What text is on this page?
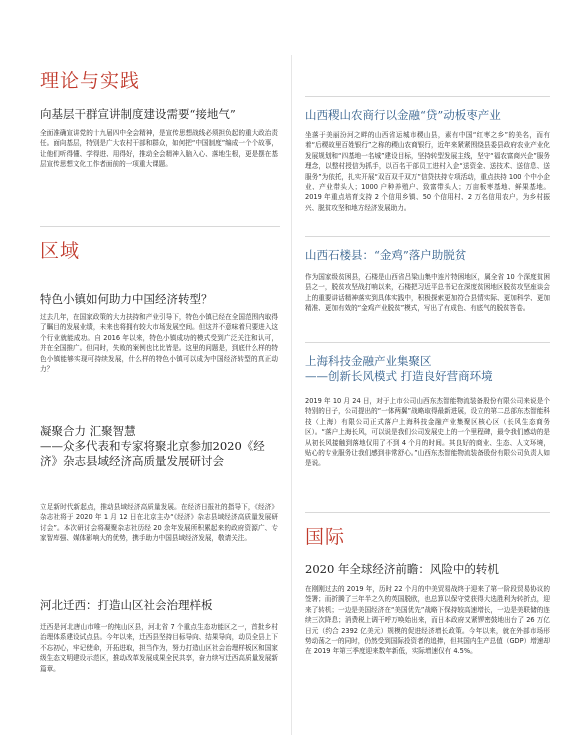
理论与实践
向基层干群宣讲制度建设需要“接地气”
全面准确宣讲党的十九届四中全会精神，是宣传思想战线必须担负起的重大政治责任。面向基层，特别是广大农村干部和群众，如何把“中国制度”编成一个个故事，让他们听得懂、学得进、用得好，推动全会精神入脑入心、落地生根，更是摆在基层宣传思想文化工作者面前的一项重大课题。
区域
特色小镇如何助力中国经济转型？
过去几年，在国家政策的大力扶持和产业引导下，特色小镇已经在全国范围内取得了瞩目的发展业绩，未来也将拥有较大市场发展空间。但这并不意味着只要进入这个行业就能成功。自 2016 年以来，特色小镇成功的模式受到广泛关注和认可，并在全国推广。但同时，失败的案例也比比皆是。这里的问题是，到底什么样的特色小镇能够实现可持续发展，什么样的特色小镇可以成为中国经济转型的真正动力？
凝聚合力 汇聚智慧
——众多代表和专家将聚北京参加2020《经济》杂志县域经济高质量发展研讨会
立足新时代新起点，推动县域经济高质量发展。在经济日报社的指导下，《经济》杂志社将于 2020 年 1 月 12 日在北京主办“《经济》杂志县域经济高质量发展研讨会”。本次研讨会将凝聚杂志社历经 20 余年发展所积累起来的政府资源广、专家智库强、媒体影响大的优势，携手助力中国县域经济发展，敬请关注。
河北迁西：打造山区社会治理样板
迁西是河北唐山市唯一的纯山区县，河北省 7 个重点生态功能区之一，首批乡村治理体系建设试点县。今年以来，迁西县坚持目标导向、结果导向，动员全县上下不忘初心，牢记使命，开拓进取，担当作为，努力打造山区社会治理样板区和国家级生态文明建设示范区，推动改革发展成果全民共享，奋力续写迁西高质量发展新篇章。
山西稷山农商行以金融“贷”动板枣产业
坐落于美丽汾河之畔的山西省运城市稷山县，素有中国“红枣之乡”的美名，而有着“后稷故里百姓银行”之称的稷山农商银行，近年来紧紧围绕县委县政府农业产业化发展规划和“四基地一名城”建设目标，坚持转型发展主线，坚守“福农富商兴企”服务理念，以整村授信为抓手，以百名干部员工进村入企“送资金、送技术、送信息、送服务”为依托，扎实开展“双百双千双万”信贷扶持专项活动，重点扶持 100 个中小企业、产业带头人；1000 户种养殖户、致富带头人；万亩板枣基地、鲜果基地。2019 年重点培育支持 2 个信用乡镇、50 个信用村、2 万名信用农户，为乡村振兴、脱贫攻坚和地方经济发展助力。
山西石楼县：“金鸡”落户助脱贫
作为国家级贫困县，石楼是山西省吕梁山集中连片特困地区，属全省 10 个深度贫困县之一，脱贫攻坚战打响以来，石楼把习近平总书记在深度贫困地区脱贫攻坚座谈会上的重要讲话精神落实到具体实践中，积极探索更加符合县情实际、更加科学、更加精准、更加有效的“金鸡产业脱贫”模式，写出了有成色、有底气的脱贫答卷。
上海科技金融产业集聚区
——创新长风模式 打造良好营商环境
2019 年 10 月 24 日，对于上市公司山西东杰智能物流装备股份有限公司来说是个特别的日子，公司提出的“一体两翼”战略取得最新进展，设立的第二总部东杰智能科技（上海）有限公司正式落户上海科技金融产业集聚区核心区（长风生态商务区）。“落户上海长风，可以说是我们公司发展史上的一个里程碑，最令我们感动的是从初长风接触到落地仅用了不到 4 个月的时间。其良好的商业、生态、人文环境，贴心的专业服务让我们感到非常舒心。”山西东杰智能物流装备股份有限公司负责人如是说。
国际
2020 年全球经济前瞻：风险中的转机
在刚刚过去的 2019 年，历时 22 个月的中美贸易战终于迎来了第一阶段贸易协议的签署；而折腾了三年半之久的英国脱欧，也总算以保守党获得大选胜利为转折点，迎来了转机；一边是美国经济在“美国优先”战略下保持较高速增长，一边是美联储的连续三次降息；消费税上调干呼万唤始出来，而日本政府又紧锣密鼓地出台了 26 万亿日元（约合 2392 亿美元）规模的促进经济增长政策。今年以来，就在外部市场形势动荡之一的同时，仍然受到国际投资者的追捧，但其国内生产总值（GDP）增速却在 2019 年第三季度迎来数年新低，实际增速仅有 4.5%。
